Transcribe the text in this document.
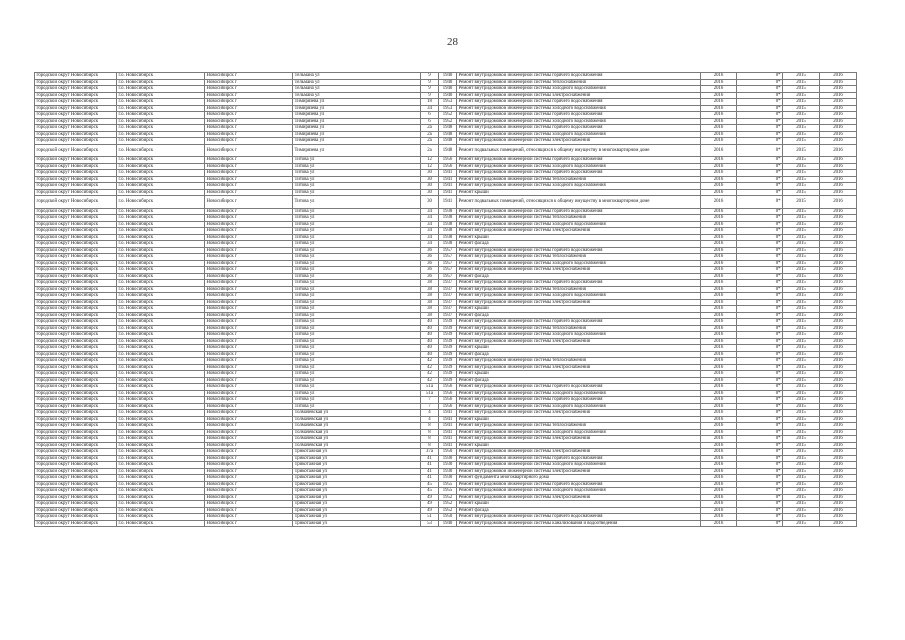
28
городской округ Новосибирск	г.о. Новосибирск	Новосибирск г	Тельмана ул	9	1940	Ремонт внутридомовой инженерной системы горячего водоснабжения	2016	0*	2015	2016
городской округ Новосибирск	г.о. Новосибирск	Новосибирск г	Тельмана ул	9	1940	Ремонт внутридомовой инженерной системы теплоснабжения	2016	0*	2015	2016
городской округ Новосибирск	г.о. Новосибирск	Новосибирск г	Тельмана ул	9	1940	Ремонт внутридомовой инженерной системы холодного водоснабжения	2016	0*	2015	2016
городской округ Новосибирск	г.о. Новосибирск	Новосибирск г	Тельмана ул	9	1940	Ремонт внутридомовой инженерной системы электроснабжения	2016	0*	2015	2016
городской округ Новосибирск	г.о. Новосибирск	Новосибирск г	Тимирязева ул	18	1953	Ремонт внутридомовой инженерной системы горячего водоснабжения	2016	0*	2015	2016
городской округ Новосибирск	г.о. Новосибирск	Новосибирск г	Тимирязева ул	34	1953	Ремонт внутридомовой инженерной системы холодного водоснабжения	2016	0*	2015	2016
городской округ Новосибирск	г.о. Новосибирск	Новосибирск г	Тимирязева ул	6	1952	Ремонт внутридомовой инженерной системы горячего водоснабжения	2016	0*	2015	2016
городской округ Новосибирск	г.о. Новосибирск	Новосибирск г	Тимирязева ул	6	1952	Ремонт внутридомовой инженерной системы холодного водоснабжения	2016	0*	2015	2016
городской округ Новосибирск	г.о. Новосибирск	Новосибирск г	Тимирязева ул	2а	1948	Ремонт внутридомовой инженерной системы горячего водоснабжения	2016	0*	2015	2016
городской округ Новосибирск	г.о. Новосибирск	Новосибирск г	Тимирязева ул	2а	1948	Ремонт внутридомовой инженерной системы холодного водоснабжения	2016	0*	2015	2016
городской округ Новосибирск	г.о. Новосибирск	Новосибирск г	Тимирязева ул	2а	1948	Ремонт внутридомовой инженерной системы электроснабжения	2016	0*	2015	2016
городской округ Новосибирск	г.о. Новосибирск	Новосибирск г	Тимирязева ул	2а	1948	Ремонт подвальных помещений, относящихся к общему имуществу в многоквартирном доме	2016	0*	2015	2016
городской округ Новосибирск	г.о. Новосибирск	Новосибирск г	Титова ул	12	1956	Ремонт внутридомовой инженерной системы горячего водоснабжения	2016	0*	2015	2016
городской округ Новосибирск	г.о. Новосибирск	Новосибирск г	Титова ул	12	1956	Ремонт внутридомовой инженерной системы холодного водоснабжения	2016	0*	2015	2016
городской округ Новосибирск	г.о. Новосибирск	Новосибирск г	Титова ул	30	1941	Ремонт внутридомовой инженерной системы горячего водоснабжения	2016	0*	2015	2016
городской округ Новосибирск	г.о. Новосибирск	Новосибирск г	Титова ул	30	1941	Ремонт внутридомовой инженерной системы теплоснабжения	2016	0*	2015	2016
городской округ Новосибирск	г.о. Новосибирск	Новосибирск г	Титова ул	30	1941	Ремонт внутридомовой инженерной системы холодного водоснабжения	2016	0*	2015	2016
городской округ Новосибирск	г.о. Новосибирск	Новосибирск г	Титова ул	30	1941	Ремонт крыши	2016	0*	2015	2016
городской округ Новосибирск	г.о. Новосибирск	Новосибирск г	Титова ул	30	1941	Ремонт подвальных помещений, относящихся к общему имуществу в многоквартирном доме	2016	0*	2015	2016
городской округ Новосибирск	г.о. Новосибирск	Новосибирск г	Титова ул	34	1938	Ремонт внутридомовой инженерной системы горячего водоснабжения	2016	0*	2015	2016
городской округ Новосибирск	г.о. Новосибирск	Новосибирск г	Титова ул	34	1938	Ремонт внутридомовой инженерной системы теплоснабжения	2016	0*	2015	2016
городской округ Новосибирск	г.о. Новосибирск	Новосибирск г	Титова ул	34	1938	Ремонт внутридомовой инженерной системы холодного водоснабжения	2016	0*	2015	2016
городской округ Новосибирск	г.о. Новосибирск	Новосибирск г	Титова ул	34	1938	Ремонт внутридомовой инженерной системы электроснабжения	2016	0*	2015	2016
городской округ Новосибирск	г.о. Новосибирск	Новосибирск г	Титова ул	34	1938	Ремонт крыши	2016	0*	2015	2016
городской округ Новосибирск	г.о. Новосибирск	Новосибирск г	Титова ул	34	1938	Ремонт фасада	2016	0*	2015	2016
городской округ Новосибирск	г.о. Новосибирск	Новосибирск г	Титова ул	36	1957	Ремонт внутридомовой инженерной системы горячего водоснабжения	2016	0*	2015	2016
городской округ Новосибирск	г.о. Новосибирск	Новосибирск г	Титова ул	36	1957	Ремонт внутридомовой инженерной системы теплоснабжения	2016	0*	2015	2016
городской округ Новосибирск	г.о. Новосибирск	Новосибирск г	Титова ул	36	1957	Ремонт внутридомовой инженерной системы холодного водоснабжения	2016	0*	2015	2016
городской округ Новосибирск	г.о. Новосибирск	Новосибирск г	Титова ул	36	1957	Ремонт внутридомовой инженерной системы электроснабжения	2016	0*	2015	2016
городской округ Новосибирск	г.о. Новосибирск	Новосибирск г	Титова ул	36	1957	Ремонт фасада	2016	0*	2015	2016
городской округ Новосибирск	г.о. Новосибирск	Новосибирск г	Титова ул	38	1937	Ремонт внутридомовой инженерной системы горячего водоснабжения	2016	0*	2015	2016
городской округ Новосибирск	г.о. Новосибирск	Новосибирск г	Титова ул	38	1937	Ремонт внутридомовой инженерной системы теплоснабжения	2016	0*	2015	2016
городской округ Новосибирск	г.о. Новосибирск	Новосибирск г	Титова ул	38	1937	Ремонт внутридомовой инженерной системы холодного водоснабжения	2016	0*	2015	2016
городской округ Новосибирск	г.о. Новосибирск	Новосибирск г	Титова ул	38	1937	Ремонт внутридомовой инженерной системы электроснабжения	2016	0*	2015	2016
городской округ Новосибирск	г.о. Новосибирск	Новосибирск г	Титова ул	38	1937	Ремонт крыши	2016	0*	2015	2016
городской округ Новосибирск	г.о. Новосибирск	Новосибирск г	Титова ул	38	1937	Ремонт фасада	2016	0*	2015	2016
городской округ Новосибирск	г.о. Новосибирск	Новосибирск г	Титова ул	40	1939	Ремонт внутридомовой инженерной системы горячего водоснабжения	2016	0*	2015	2016
городской округ Новосибирск	г.о. Новосибирск	Новосибирск г	Титова ул	40	1939	Ремонт внутридомовой инженерной системы теплоснабжения	2016	0*	2015	2016
городской округ Новосибирск	г.о. Новосибирск	Новосибирск г	Титова ул	40	1939	Ремонт внутридомовой инженерной системы холодного водоснабжения	2016	0*	2015	2016
городской округ Новосибирск	г.о. Новосибирск	Новосибирск г	Титова ул	40	1939	Ремонт внутридомовой инженерной системы электроснабжения	2016	0*	2015	2016
городской округ Новосибирск	г.о. Новосибирск	Новосибирск г	Титова ул	40	1939	Ремонт крыши	2016	0*	2015	2016
городской округ Новосибирск	г.о. Новосибирск	Новосибирск г	Титова ул	40	1939	Ремонт фасада	2016	0*	2015	2016
городской округ Новосибирск	г.о. Новосибирск	Новосибирск г	Титова ул	42	1939	Ремонт внутридомовой инженерной системы теплоснабжения	2016	0*	2015	2016
городской округ Новосибирск	г.о. Новосибирск	Новосибирск г	Титова ул	42	1939	Ремонт внутридомовой инженерной системы электроснабжения	2016	0*	2015	2016
городской округ Новосибирск	г.о. Новосибирск	Новосибирск г	Титова ул	42	1939	Ремонт крыши	2016	0*	2015	2016
городской округ Новосибирск	г.о. Новосибирск	Новосибирск г	Титова ул	42	1939	Ремонт фасада	2016	0*	2015	2016
городской округ Новосибирск	г.о. Новосибирск	Новосибирск г	Титова ул	51а	1956	Ремонт внутридомовой инженерной системы горячего водоснабжения	2016	0*	2015	2016
городской округ Новосибирск	г.о. Новосибирск	Новосибирск г	Титова ул	51а	1956	Ремонт внутридомовой инженерной системы холодного водоснабжения	2016	0*	2015	2016
городской округ Новосибирск	г.о. Новосибирск	Новосибирск г	Титова ул	7	1956	Ремонт внутридомовой инженерной системы горячего водоснабжения	2016	0*	2015	2016
городской округ Новосибирск	г.о. Новосибирск	Новосибирск г	Титова ул	7	1956	Ремонт внутридомовой инженерной системы холодного водоснабжения	2016	0*	2015	2016
городской округ Новосибирск	г.о. Новосибирск	Новосибирск г	Толмачевская ул	4	1941	Ремонт внутридомовой инженерной системы электроснабжения	2016	0*	2015	2016
городской округ Новосибирск	г.о. Новосибирск	Новосибирск г	Толмачевская ул	4	1941	Ремонт крыши	2016	0*	2015	2016
городской округ Новосибирск	г.о. Новосибирск	Новосибирск г	Толмачевская ул	8	1941	Ремонт внутридомовой инженерной системы теплоснабжения	2016	0*	2015	2016
городской округ Новосибирск	г.о. Новосибирск	Новосибирск г	Толмачевская ул	8	1941	Ремонт внутридомовой инженерной системы холодного водоснабжения	2016	0*	2015	2016
городской округ Новосибирск	г.о. Новосибирск	Новосибирск г	Толмачевская ул	8	1941	Ремонт внутридомовой инженерной системы электроснабжения	2016	0*	2015	2016
городской округ Новосибирск	г.о. Новосибирск	Новосибирск г	Толмачевская ул	8	1941	Ремонт крыши	2016	0*	2015	2016
городской округ Новосибирск	г.о. Новосибирск	Новосибирск г	Трикотажная ул	37а	1950	Ремонт внутридомовой инженерной системы электроснабжения	2016	0*	2015	2016
городской округ Новосибирск	г.о. Новосибирск	Новосибирск г	Трикотажная ул	41	1930	Ремонт внутридомовой инженерной системы горячего водоснабжения	2016	0*	2015	2016
городской округ Новосибирск	г.о. Новосибирск	Новосибирск г	Трикотажная ул	41	1930	Ремонт внутридомовой инженерной системы холодного водоснабжения	2016	0*	2015	2016
городской округ Новосибирск	г.о. Новосибирск	Новосибирск г	Трикотажная ул	41	1930	Ремонт внутридомовой инженерной системы электроснабжения	2016	0*	2015	2016
городской округ Новосибирск	г.о. Новосибирск	Новосибирск г	Трикотажная ул	41	1930	Ремонт фундамента многоквартирного дома	2016	0*	2015	2016
городской округ Новосибирск	г.о. Новосибирск	Новосибирск г	Трикотажная ул	45	1955	Ремонт внутридомовой инженерной системы горячего водоснабжения	2016	0*	2015	2016
городской округ Новосибирск	г.о. Новосибирск	Новосибирск г	Трикотажная ул	45	1955	Ремонт внутридомовой инженерной системы холодного водоснабжения	2016	0*	2015	2016
городской округ Новосибирск	г.о. Новосибирск	Новосибирск г	Трикотажная ул	49	1952	Ремонт внутридомовой инженерной системы электроснабжения	2016	0*	2015	2016
городской округ Новосибирск	г.о. Новосибирск	Новосибирск г	Трикотажная ул	49	1952	Ремонт крыши	2016	0*	2015	2016
городской округ Новосибирск	г.о. Новосибирск	Новосибирск г	Трикотажная ул	49	1952	Ремонт фасада	2016	0*	2015	2016
городской округ Новосибирск	г.о. Новосибирск	Новосибирск г	Трикотажная ул	51	1950	Ремонт внутридомовой инженерной системы горячего водоснабжения	2016	0*	2015	2016
городской округ Новосибирск	г.о. Новосибирск	Новосибирск г	Трикотажная ул	53	1940	Ремонт внутридомовой инженерной системы канализования и водоотведения	2016	0*	2015	2016
